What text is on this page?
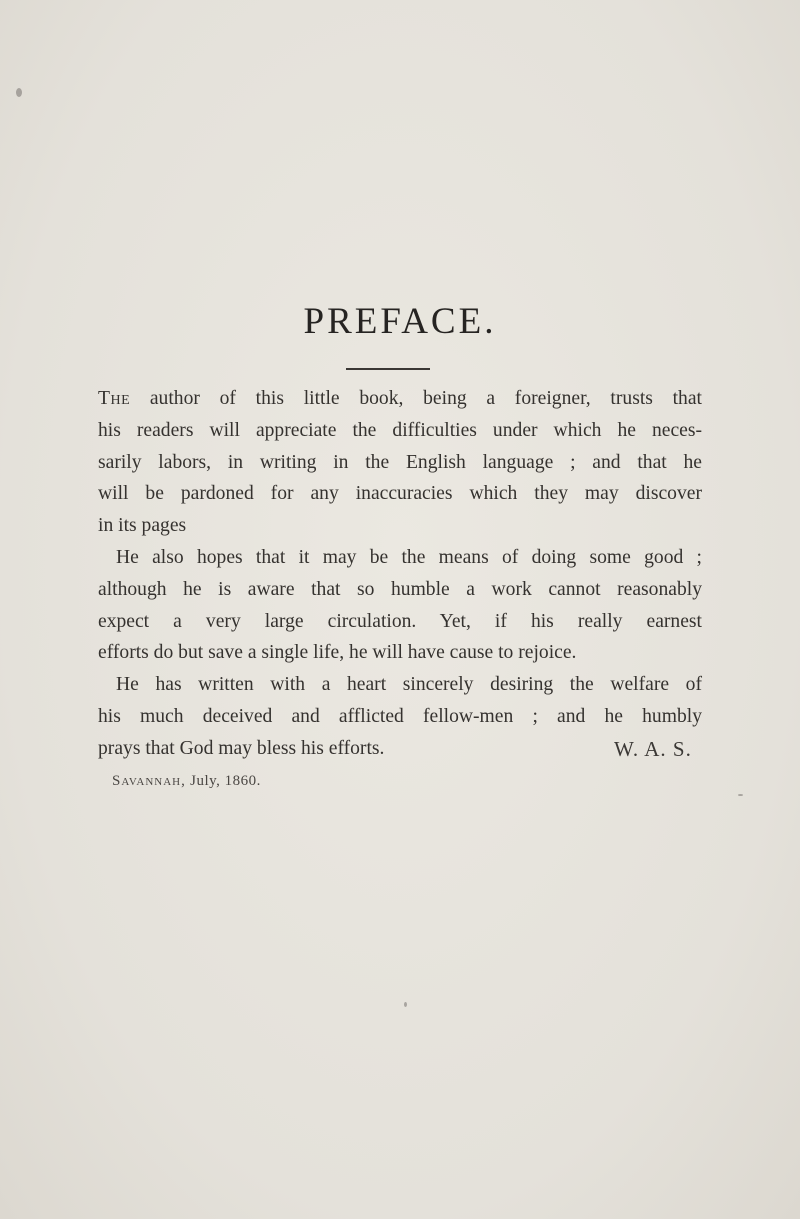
PREFACE.
The author of this little book, being a foreigner, trusts that
his readers will appreciate the difficulties under which he neces-
sarily labors, in writing in the English language ; and that he
will be pardoned for any inaccuracies which they may discover
in its pages
He also hopes that it may be the means of doing some good ;
although he is aware that so humble a work cannot reasonably
expect a very large circulation. Yet, if his really earnest
efforts do but save a single life, he will have cause to rejoice.
He has written with a heart sincerely desiring the welfare of
his much deceived and afflicted fellow-men ; and he humbly
prays that God may bless his efforts.	W. A. S.
Savannah, July, 1860.
